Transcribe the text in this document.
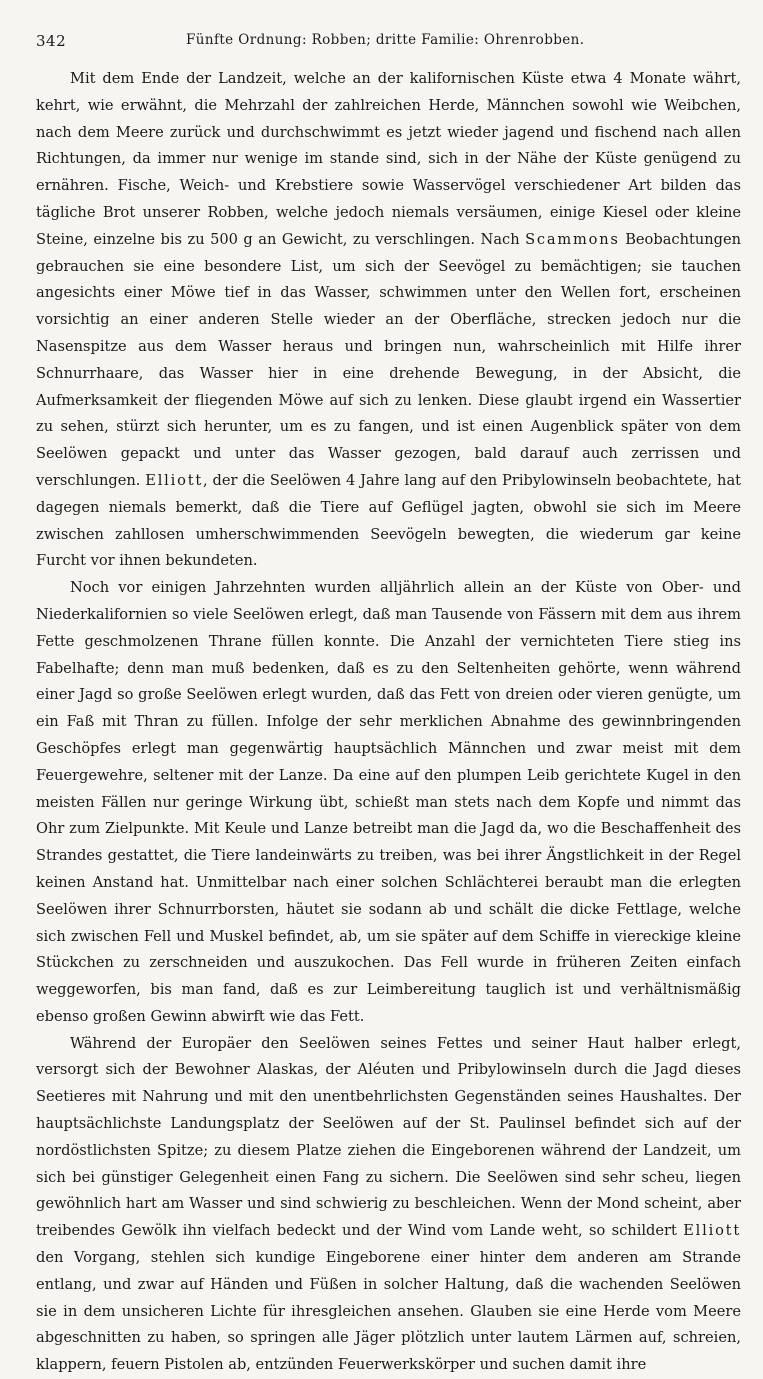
342	Fünfte Ordnung: Robben; dritte Familie: Ohrenrobben.

Mit dem Ende der Landzeit, welche an der kalifornischen Küste etwa 4 Monate währt, kehrt, wie erwähnt, die Mehrzahl der zahlreichen Herde, Männchen sowohl wie Weibchen, nach dem Meere zurück und durchschwimmt es jetzt wieder jagend und fischend nach allen Richtungen, da immer nur wenige im stande sind, sich in der Nähe der Küste genügend zu ernähren. Fische, Weich- und Krebstiere sowie Wasservögel verschiedener Art bilden das tägliche Brot unserer Robben, welche jedoch niemals versäumen, einige Kiesel oder kleine Steine, einzelne bis zu 500 g an Gewicht, zu verschlingen. Nach Scammons Beobachtungen gebrauchen sie eine besondere List, um sich der Seevögel zu bemächtigen; sie tauchen angesichts einer Möwe tief in das Wasser, schwimmen unter den Wellen fort, erscheinen vorsichtig an einer anderen Stelle wieder an der Oberfläche, strecken jedoch nur die Nasenspitze aus dem Wasser heraus und bringen nun, wahrscheinlich mit Hilfe ihrer Schnurrhaare, das Wasser hier in eine drehende Bewegung, in der Absicht, die Aufmerksamkeit der fliegenden Möwe auf sich zu lenken. Diese glaubt irgend ein Wassertier zu sehen, stürzt sich herunter, um es zu fangen, und ist einen Augenblick später von dem Seelöwen gepackt und unter das Wasser gezogen, bald darauf auch zerrissen und verschlungen. Elliott, der die Seelöwen 4 Jahre lang auf den Pribylowinseln beobachtete, hat dagegen niemals bemerkt, daß die Tiere auf Geflügel jagten, obwohl sie sich im Meere zwischen zahllosen umherschwimmenden Seevögeln bewegten, die wiederum gar keine Furcht vor ihnen bekundeten.

Noch vor einigen Jahrzehnten wurden alljährlich allein an der Küste von Ober- und Niederkalifornien so viele Seelöwen erlegt, daß man Tausende von Fässern mit dem aus ihrem Fette geschmolzenen Thrane füllen konnte. Die Anzahl der vernichteten Tiere stieg ins Fabelhafte; denn man muß bedenken, daß es zu den Seltenheiten gehörte, wenn während einer Jagd so große Seelöwen erlegt wurden, daß das Fett von dreien oder vieren genügte, um ein Faß mit Thran zu füllen. Infolge der sehr merklichen Abnahme des gewinnbringenden Geschöpfes erlegt man gegenwärtig hauptsächlich Männchen und zwar meist mit dem Feuergewehre, seltener mit der Lanze. Da eine auf den plumpen Leib gerichtete Kugel in den meisten Fällen nur geringe Wirkung übt, schießt man stets nach dem Kopfe und nimmt das Ohr zum Zielpunkte. Mit Keule und Lanze betreibt man die Jagd da, wo die Beschaffenheit des Strandes gestattet, die Tiere landeinwärts zu treiben, was bei ihrer Ängstlichkeit in der Regel keinen Anstand hat. Unmittelbar nach einer solchen Schlächterei beraubt man die erlegten Seelöwen ihrer Schnurrborsten, häutet sie sodann ab und schält die dicke Fettlage, welche sich zwischen Fell und Muskel befindet, ab, um sie später auf dem Schiffe in viereckige kleine Stückchen zu zerschneiden und auszukochen. Das Fell wurde in früheren Zeiten einfach weggeworfen, bis man fand, daß es zur Leimbereitung tauglich ist und verhältnismäßig ebenso großen Gewinn abwirft wie das Fett.

Während der Europäer den Seelöwen seines Fettes und seiner Haut halber erlegt, versorgt sich der Bewohner Alaskas, der Aléuten und Pribylowinseln durch die Jagd dieses Seetieres mit Nahrung und mit den unentbehrlichsten Gegenständen seines Haushaltes. Der hauptsächlichste Landungsplatz der Seelöwen auf der St. Paulinsel befindet sich auf der nordöstlichsten Spitze; zu diesem Platze ziehen die Eingeborenen während der Landzeit, um sich bei günstiger Gelegenheit einen Fang zu sichern. Die Seelöwen sind sehr scheu, liegen gewöhnlich hart am Wasser und sind schwierig zu beschleichen. Wenn der Mond scheint, aber treibendes Gewölk ihn vielfach bedeckt und der Wind vom Lande weht, so schildert Elliott den Vorgang, stehlen sich kundige Eingeborene einer hinter dem anderen am Strande entlang, und zwar auf Händen und Füßen in solcher Haltung, daß die wachenden Seelöwen sie in dem unsicheren Lichte für ihresgleichen ansehen. Glauben sie eine Herde vom Meere abgeschnitten zu haben, so springen alle Jäger plötzlich unter lautem Lärmen auf, schreien, klappern, feuern Pistolen ab, entzünden Feuerwerkskörper und suchen damit ihre
